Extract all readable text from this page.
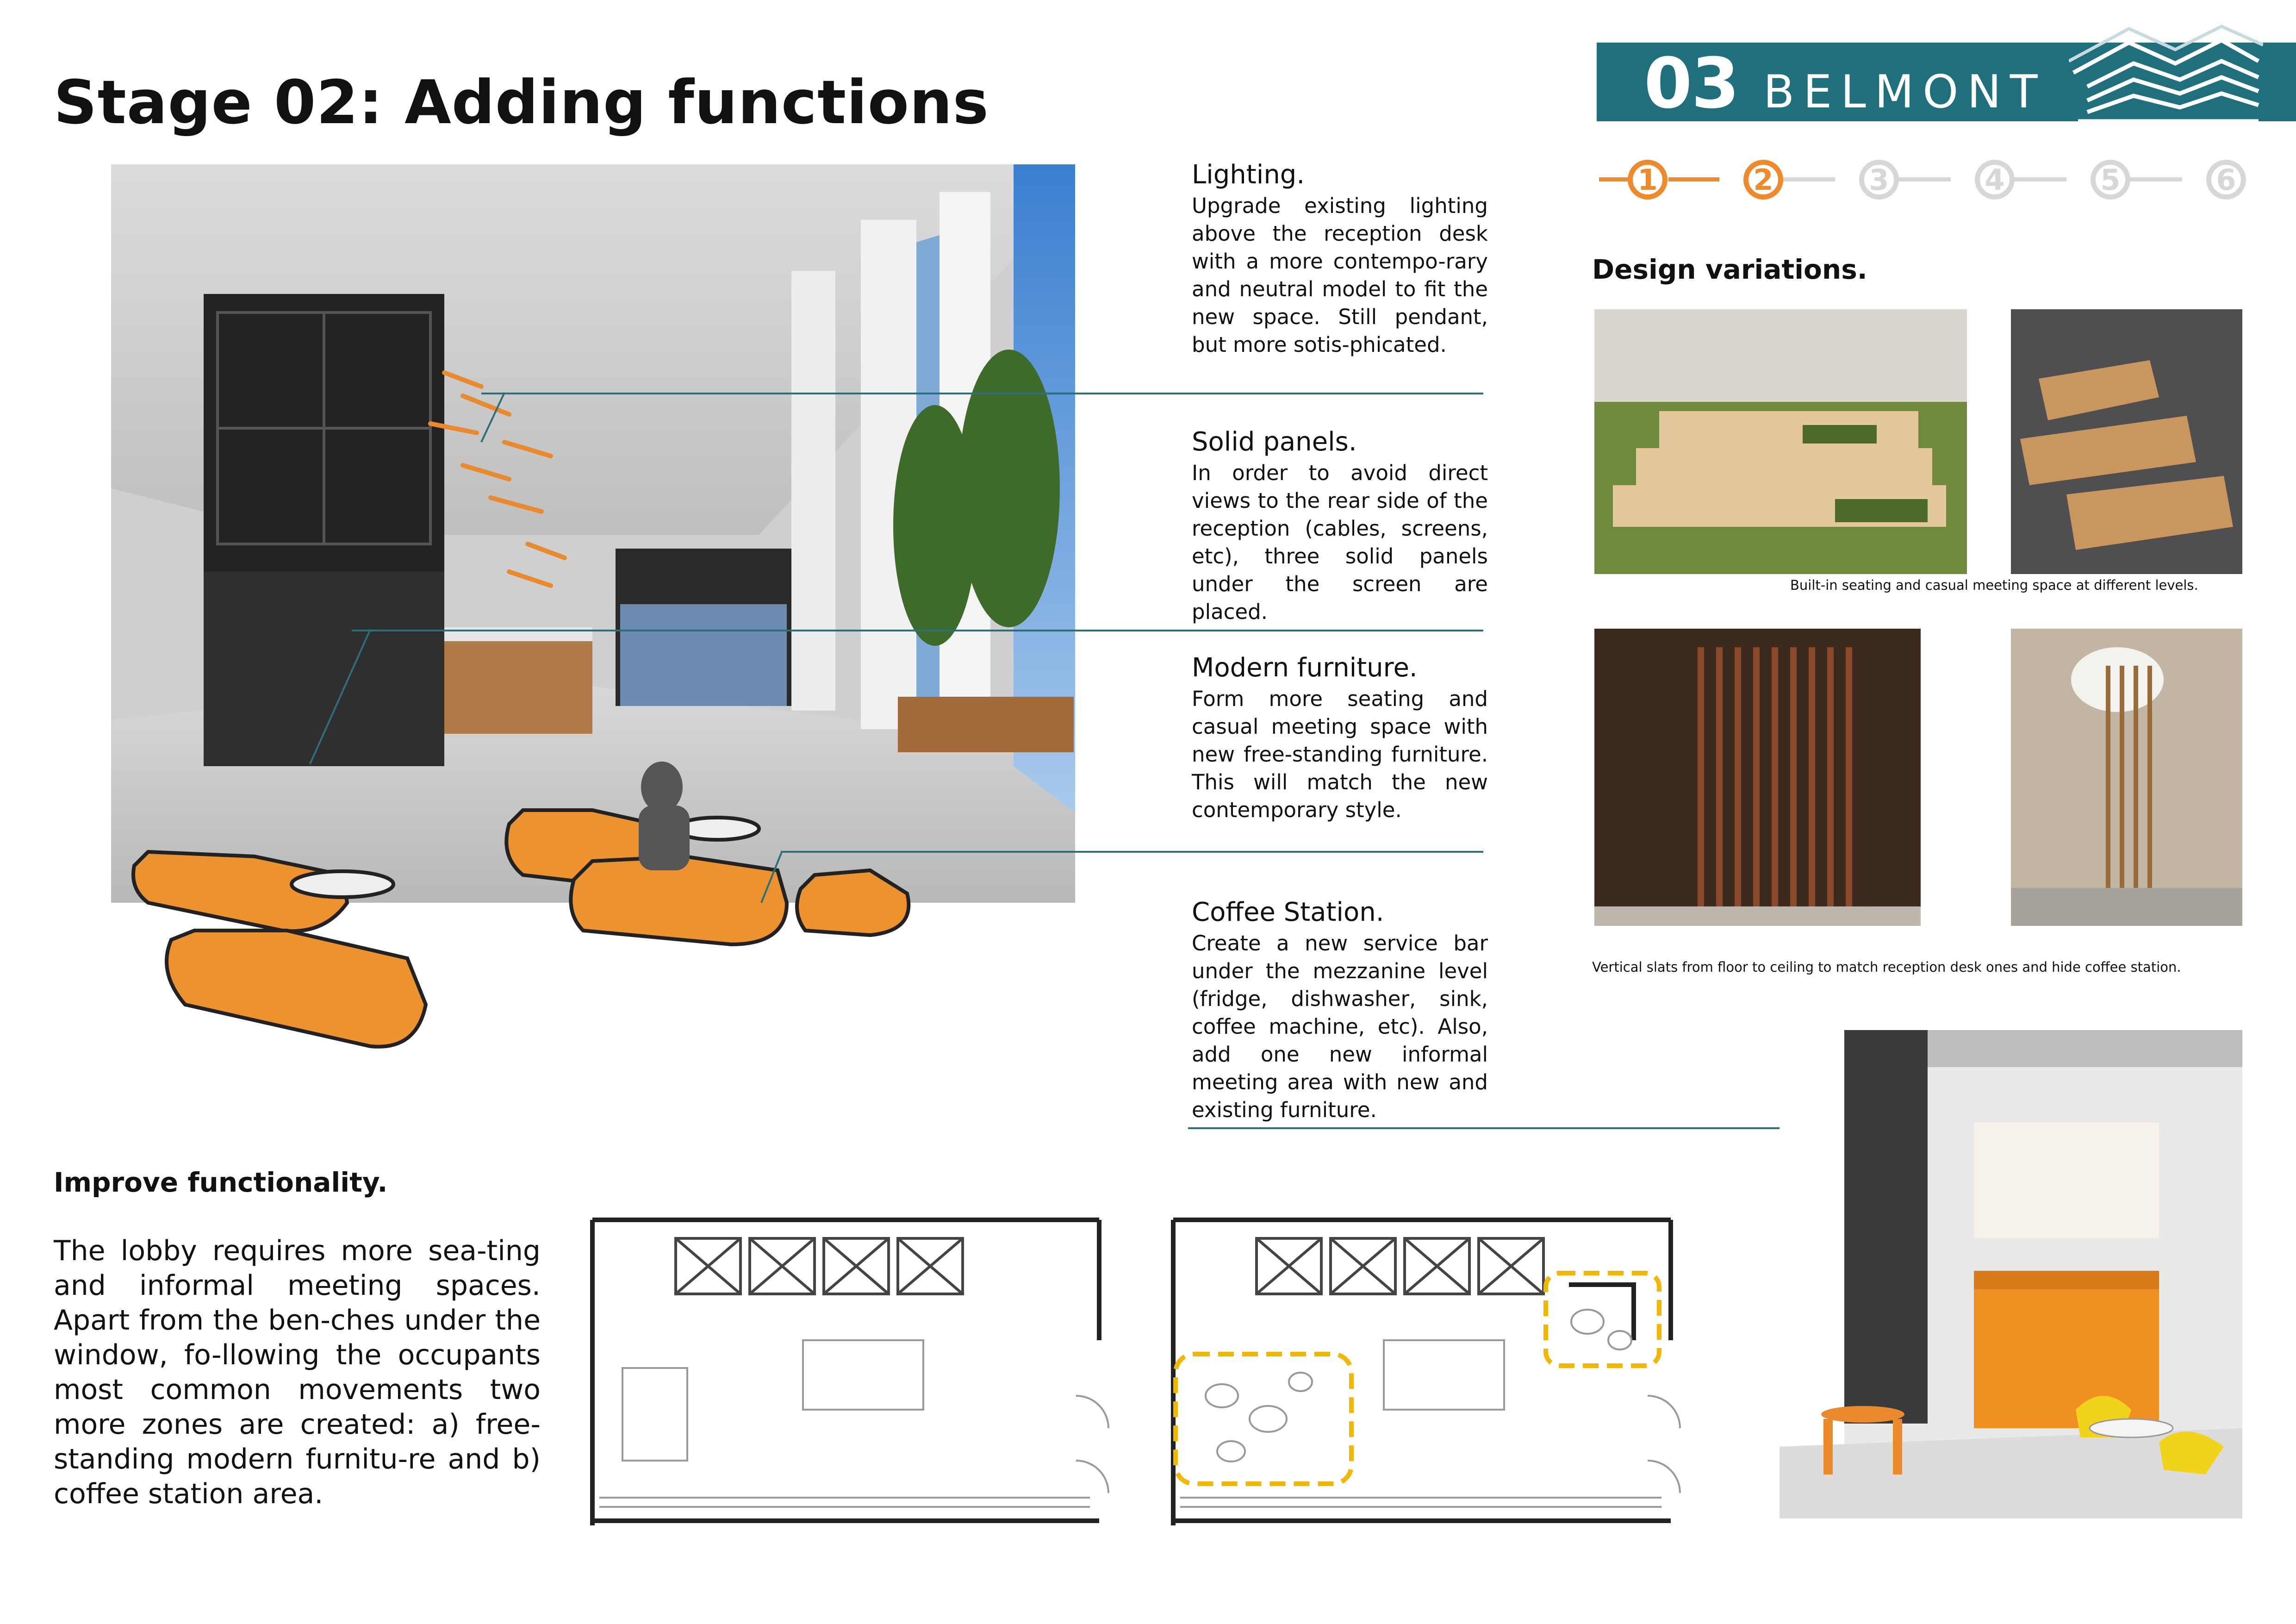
Stage 02: Adding functions	03 BELMONT
1	2	3	4	5	6
Lighting.
Upgrade existing lighting above the reception desk with a more contempo-rary and neutral model to fit the new space. Still pendant, but more sotis-phicated.
Solid panels.
In order to avoid direct views to the rear side of the reception (cables, screens, etc), three solid panels under the screen are placed.
Modern furniture.
Form more seating and casual meeting space with new free-standing furniture. This will match the new contemporary style.
Coffee Station.
Create a new service bar under the mezzanine level (fridge, dishwasher, sink, coffee machine, etc). Also, add one new informal meeting area with new and existing furniture.
Design variations.
Built-in seating and casual meeting space at different levels.
Vertical slats from floor to ceiling to match reception desk ones and hide coffee station.
Improve functionality.
The lobby requires more sea-ting and informal meeting spaces. Apart from the ben-ches under the window, fo-llowing the occupants most common movements two more zones are created: a) free-standing modern furnitu-re and b) coffee station area.
